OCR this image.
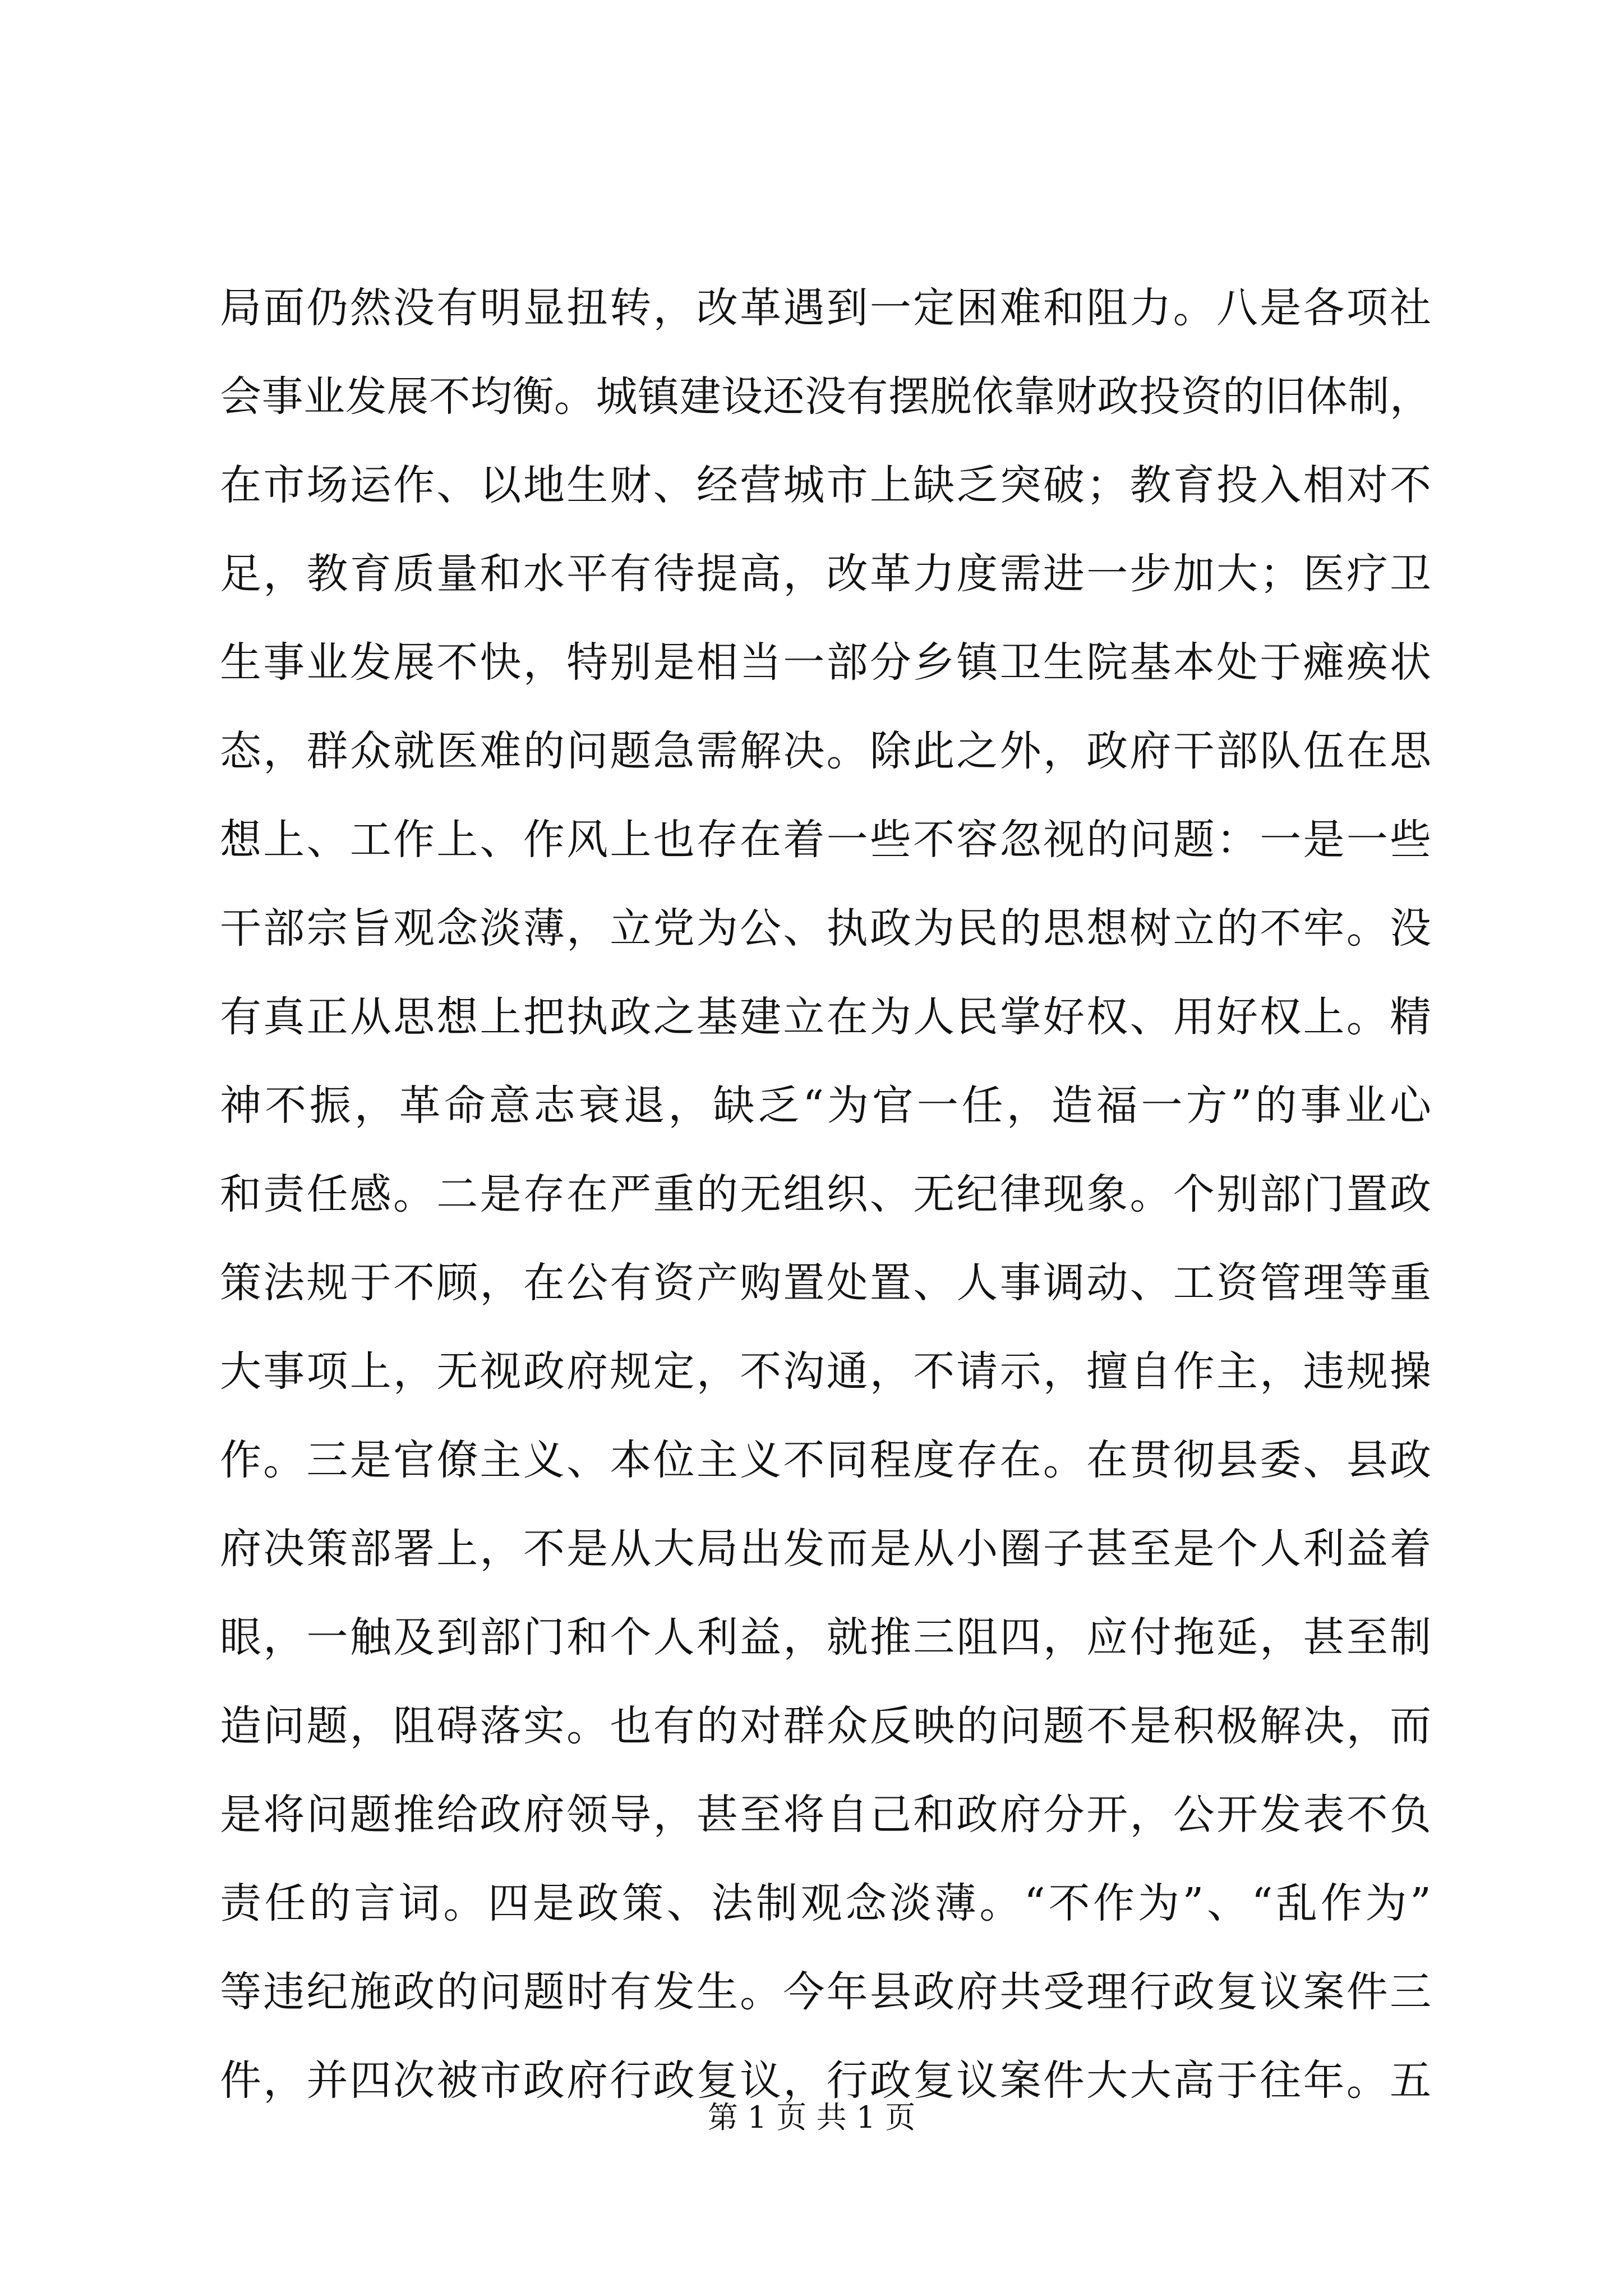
局面仍然没有明显扭转，改革遇到一定困难和阻力。八是各项社
会事业发展不均衡。城镇建设还没有摆脱依靠财政投资的旧体制，
在市场运作、以地生财、经营城市上缺乏突破；教育投入相对不
足，教育质量和水平有待提高，改革力度需进一步加大；医疗卫
生事业发展不快，特别是相当一部分乡镇卫生院基本处于瘫痪状
态，群众就医难的问题急需解决。除此之外，政府干部队伍在思
想上、工作上、作风上也存在着一些不容忽视的问题：一是一些
干部宗旨观念淡薄，立党为公、执政为民的思想树立的不牢。没
有真正从思想上把执政之基建立在为人民掌好权、用好权上。精
神不振，革命意志衰退，缺乏“为官一任，造福一方”的事业心
和责任感。二是存在严重的无组织、无纪律现象。个别部门置政
策法规于不顾，在公有资产购置处置、人事调动、工资管理等重
大事项上，无视政府规定，不沟通，不请示，擅自作主，违规操
作。三是官僚主义、本位主义不同程度存在。在贯彻县委、县政
府决策部署上，不是从大局出发而是从小圈子甚至是个人利益着
眼，一触及到部门和个人利益，就推三阻四，应付拖延，甚至制
造问题，阻碍落实。也有的对群众反映的问题不是积极解决，而
是将问题推给政府领导，甚至将自己和政府分开，公开发表不负
责任的言词。四是政策、法制观念淡薄。“不作为”、“乱作为”
等违纪施政的问题时有发生。今年县政府共受理行政复议案件三
件，并四次被市政府行政复议，行政复议案件大大高于往年。五
第 1 页 共 1 页
